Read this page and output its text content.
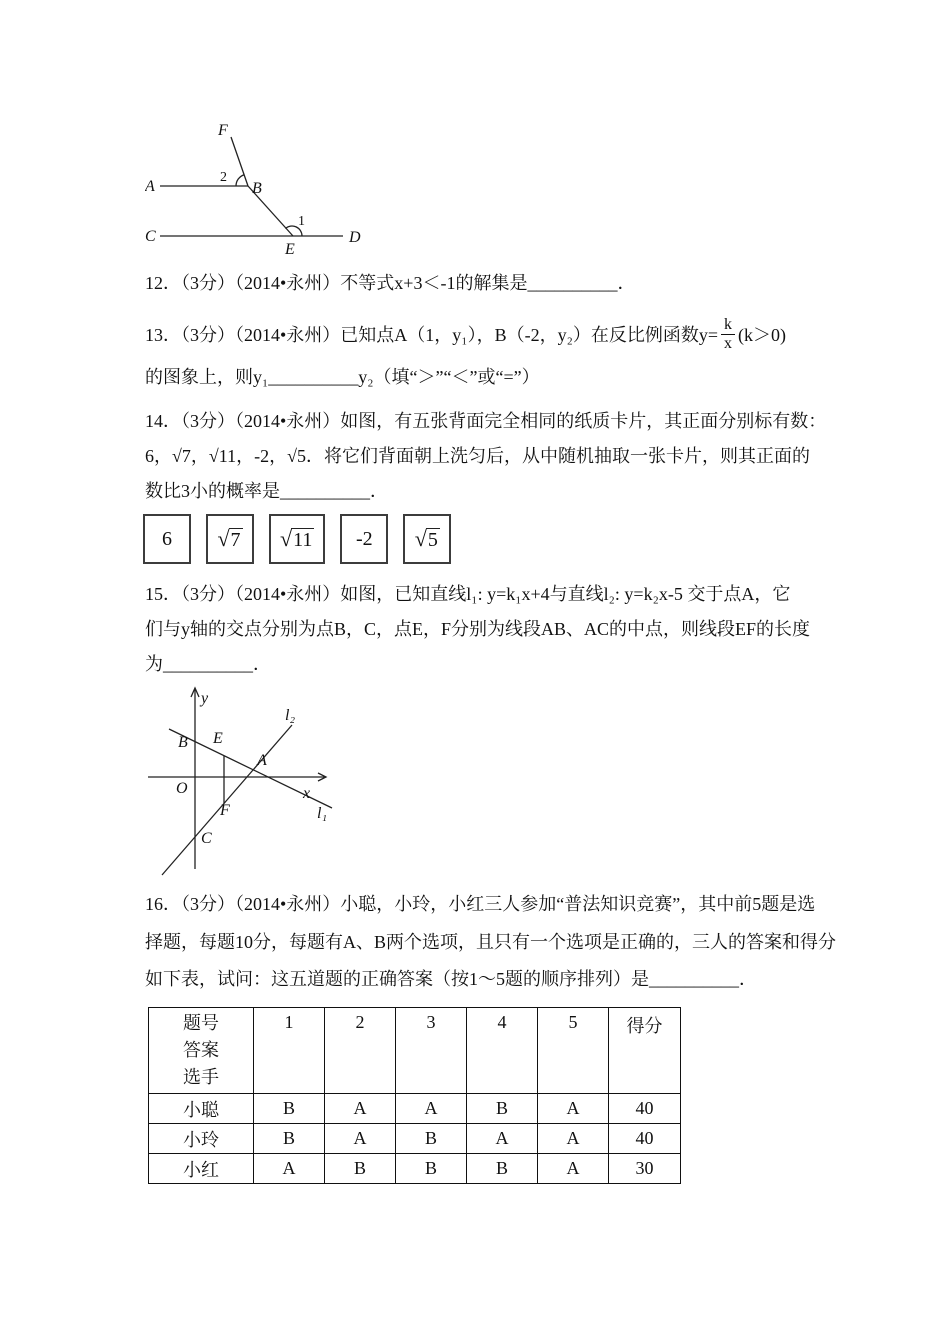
F
A	B
2
C	D
E
1
12．（3分）（2014•永州）不等式x+3＜-1的解集是__________．
13．（3分）（2014•永州）已知点A（1，y₁），B（-2，y₂）在反比例函数$y= \frac{k}{x} (k>0)$
的图象上，则y₁__________y₂（填“＞”“＜”或“=”）
14．（3分）（2014•永州）如图，有五张背面完全相同的纸质卡片，其正面分别标有数：
6，√7，√11，-2，√5．将它们背面朝上洗匀后，从中随机抽取一张卡片，则其正面的
数比3小的概率是__________．
6 √ 7 √ 11 -2 √ 5
15．（3分）（2014•永州）如图，已知直线l₁: y=k₁x+4与直线l₂: y=k₂x-5 交于点A，它
们与y轴的交点分别为点B，C，点E，F分别为线段AB、AC的中点，则线段EF的长度
为__________．
y
x
O
B E
A
F
C
l₁
l₂
16．（3分）（2014•永州）小聪，小玲，小红三人参加“普法知识竞赛”，其中前5题是选
择题，每题10分，每题有A、B两个选项，且只有一个选项是正确的，三人的答案和得分
如下表，试问：这五道题的正确答案（按1～5题的顺序排列）是__________．
题号
答案
选手	1	2	3	4	5	得分
小聪	B	A	A	B	A	40
小玲	B	A	B	A	A	40
小红	A	B	B	B	A	30
